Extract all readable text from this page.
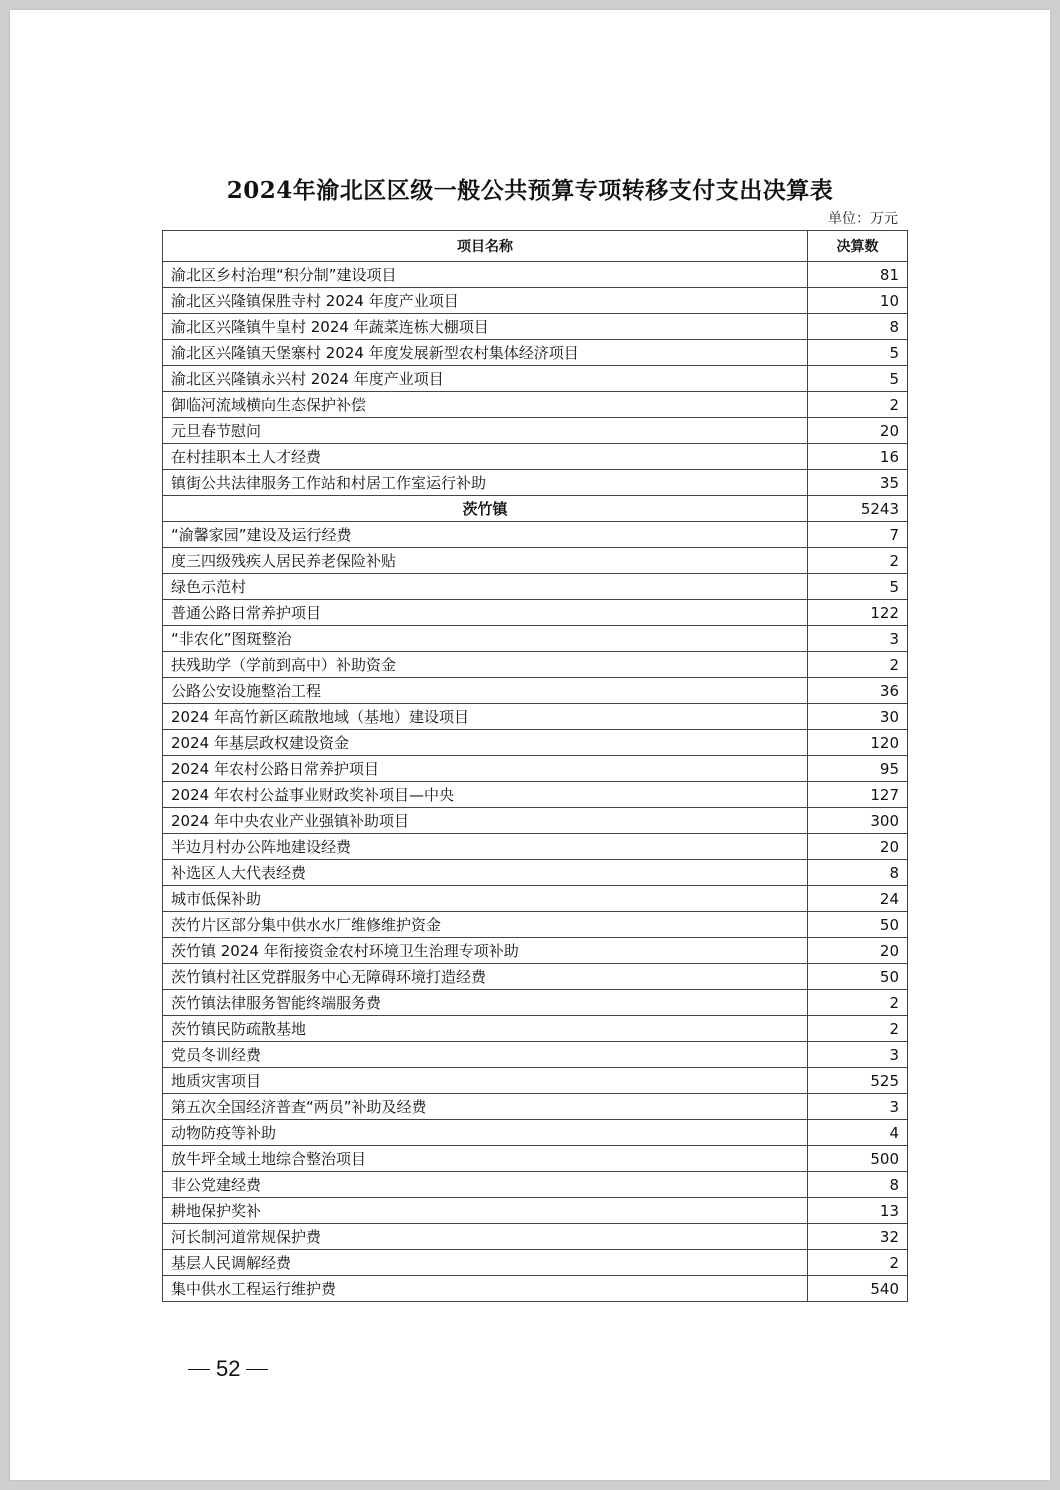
2024年渝北区区级一般公共预算专项转移支付支出决算表
单位：万元
项目名称	决算数
渝北区乡村治理“积分制”建设项目	81
渝北区兴隆镇保胜寺村 2024 年度产业项目	10
渝北区兴隆镇牛皇村 2024 年蔬菜连栋大棚项目	8
渝北区兴隆镇天堡寨村 2024 年度发展新型农村集体经济项目	5
渝北区兴隆镇永兴村 2024 年度产业项目	5
御临河流域横向生态保护补偿	2
元旦春节慰问	20
在村挂职本土人才经费	16
镇街公共法律服务工作站和村居工作室运行补助	35
茨竹镇	5243
“渝馨家园”建设及运行经费	7
度三四级残疾人居民养老保险补贴	2
绿色示范村	5
普通公路日常养护项目	122
“非农化”图斑整治	3
扶残助学（学前到高中）补助资金	2
公路公安设施整治工程	36
2024 年高竹新区疏散地域（基地）建设项目	30
2024 年基层政权建设资金	120
2024 年农村公路日常养护项目	95
2024 年农村公益事业财政奖补项目—中央	127
2024 年中央农业产业强镇补助项目	300
半边月村办公阵地建设经费	20
补选区人大代表经费	8
城市低保补助	24
茨竹片区部分集中供水水厂维修维护资金	50
茨竹镇 2024 年衔接资金农村环境卫生治理专项补助	20
茨竹镇村社区党群服务中心无障碍环境打造经费	50
茨竹镇法律服务智能终端服务费	2
茨竹镇民防疏散基地	2
党员冬训经费	3
地质灾害项目	525
第五次全国经济普查“两员”补助及经费	3
动物防疫等补助	4
放牛坪全域土地综合整治项目	500
非公党建经费	8
耕地保护奖补	13
河长制河道常规保护费	32
基层人民调解经费	2
集中供水工程运行维护费	540
52
